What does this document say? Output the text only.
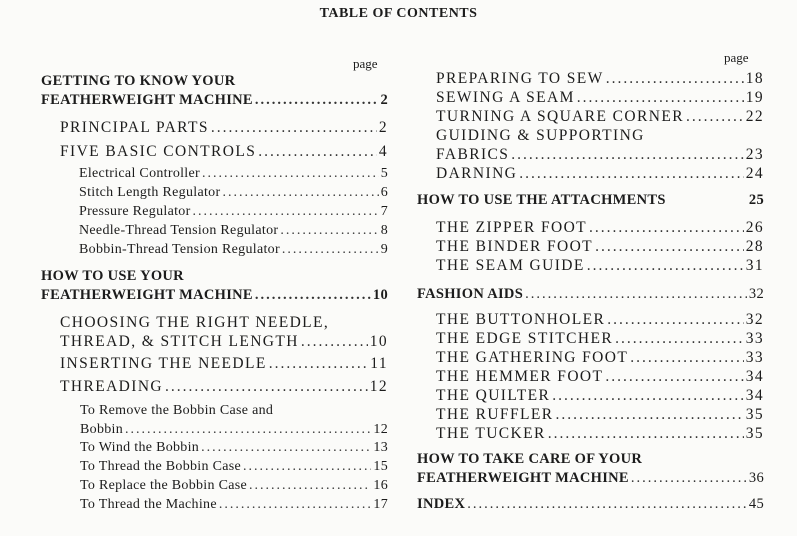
TABLE OF CONTENTS
page	page
GETTING TO KNOW YOUR
FEATHERWEIGHT MACHINE .....	2
PRINCIPAL PARTS .....	2
FIVE BASIC CONTROLS .....	4
Electrical Controller .....	5
Stitch Length Regulator .....	6
Pressure Regulator .....	7
Needle-Thread Tension Regulator .....	8
Bobbin-Thread Tension Regulator .....	9
HOW TO USE YOUR
FEATHERWEIGHT MACHINE .....	10
CHOOSING THE RIGHT NEEDLE,
THREAD, & STITCH LENGTH .....	10
INSERTING THE NEEDLE .....	11
THREADING .....	12
To Remove the Bobbin Case and
Bobbin .....	12
To Wind the Bobbin .....	13
To Thread the Bobbin Case .....	15
To Replace the Bobbin Case .....	16
To Thread the Machine .....	17
PREPARING TO SEW .....	18
SEWING A SEAM .....	19
TURNING A SQUARE CORNER .....	22
GUIDING & SUPPORTING
FABRICS .....	23
DARNING .....	24
HOW TO USE THE ATTACHMENTS	25
THE ZIPPER FOOT .....	26
THE BINDER FOOT .....	28
THE SEAM GUIDE .....	31
FASHION AIDS .....	32
THE BUTTONHOLER .....	32
THE EDGE STITCHER .....	33
THE GATHERING FOOT .....	33
THE HEMMER FOOT .....	34
THE QUILTER .....	34
THE RUFFLER .....	35
THE TUCKER .....	35
HOW TO TAKE CARE OF YOUR
FEATHERWEIGHT MACHINE .....	36
INDEX .....	45
